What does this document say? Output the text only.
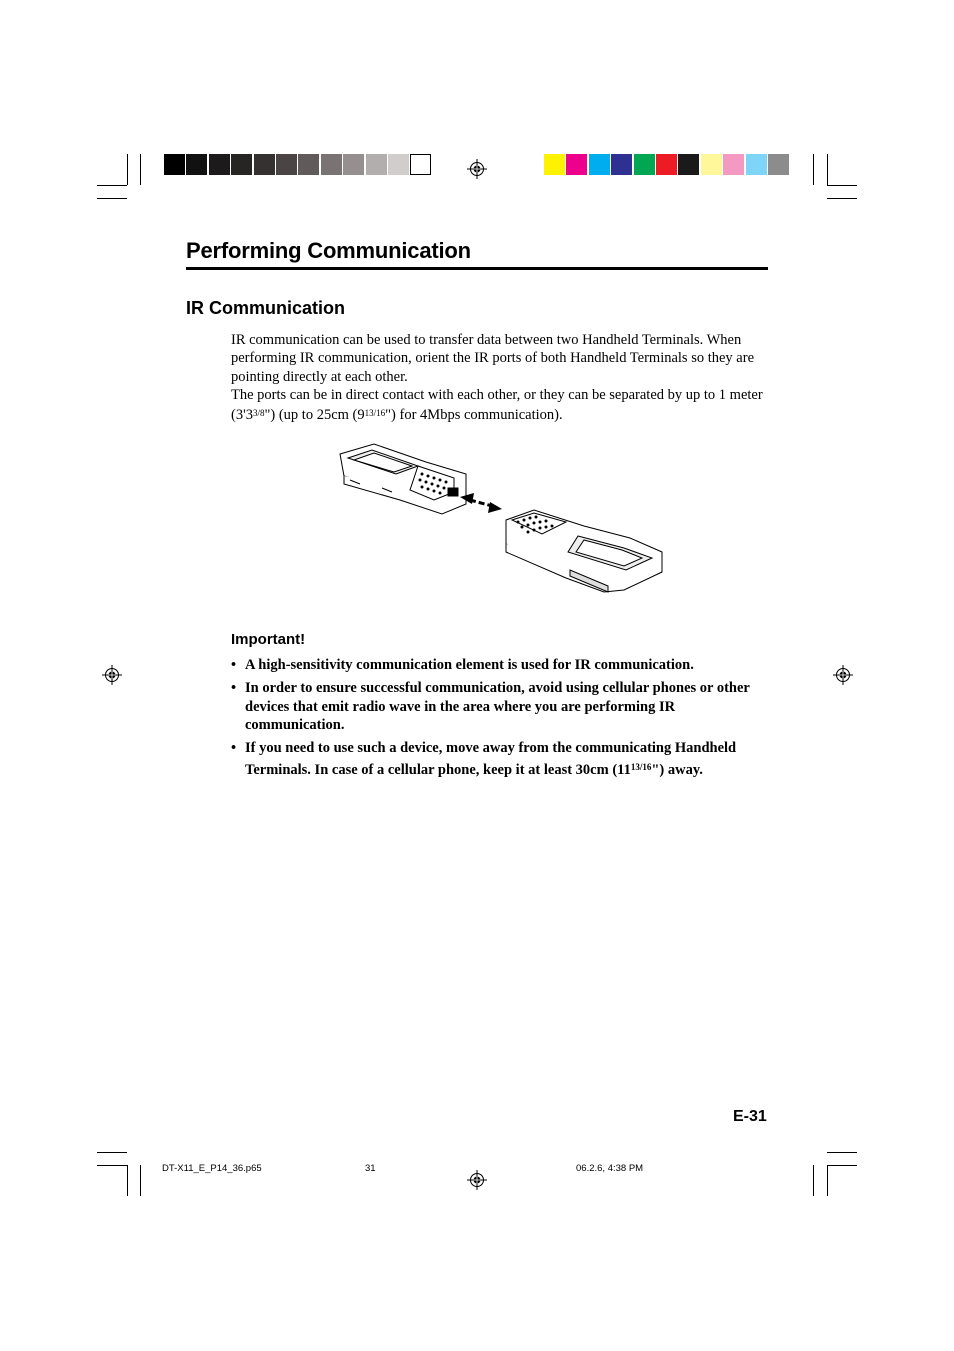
Performing Communication
IR Communication

IR communication can be used to transfer data between two Handheld Terminals. When performing IR communication, orient the IR ports of both Handheld Terminals so they are pointing directly at each other.

The ports can be in direct contact with each other, or they can be separated by up to 1 meter $(3'3^{3/8}")$ (up to 25cm $(9^{13/16}")$ for 4Mbps communication).

Important!
• A high-sensitivity communication element is used for IR communication.
• In order to ensure successful communication, avoid using cellular phones or other devices that emit radio wave in the area where you are performing IR communication.
• If you need to use such a device, move away from the communicating Handheld Terminals. In case of a cellular phone, keep it at least 30cm $(11^{13/16}")$ away.
E-31
DT-X11_E_P14_36.p65	31	06.2.6, 4:38 PM
